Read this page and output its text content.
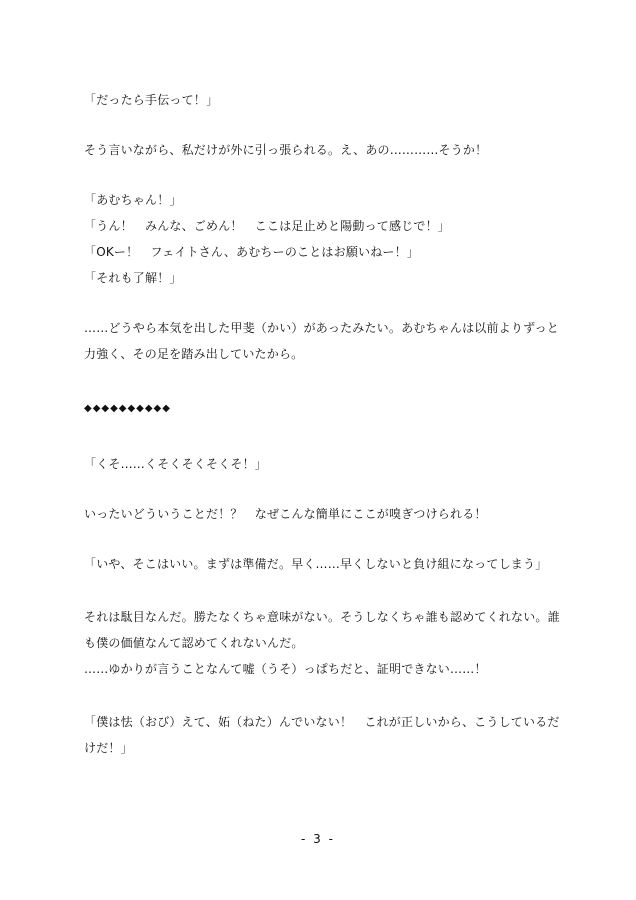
「だったら手伝って！」
そう言いながら、私だけが外に引っ張られる。え、あの…………そうか！
「あむちゃん！」
「うん！　みんな、ごめん！　ここは足止めと陽動って感じで！」
「OKー！　フェイトさん、あむちーのことはお願いねー！」
「それも了解！」
……どうやら本気を出した甲斐（かい）があったみたい。あむちゃんは以前よりずっと
力強く、その足を踏み出していたから。
◆◆◆◆◆◆◆◆◆◆
「くそ……くそくそくそくそ！」
いったいどういうことだ！？　なぜこんな簡単にここが嗅ぎつけられる！
「いや、そこはいい。まずは準備だ。早く……早くしないと負け組になってしまう」
それは駄目なんだ。勝たなくちゃ意味がない。そうしなくちゃ誰も認めてくれない。誰
も僕の価値なんて認めてくれないんだ。
……ゆかりが言うことなんて嘘（うそ）っぱちだと、証明できない……！
「僕は怯（おび）えて、妬（ねた）んでいない！　これが正しいから、こうしているだ
けだ！」
- 3 -
